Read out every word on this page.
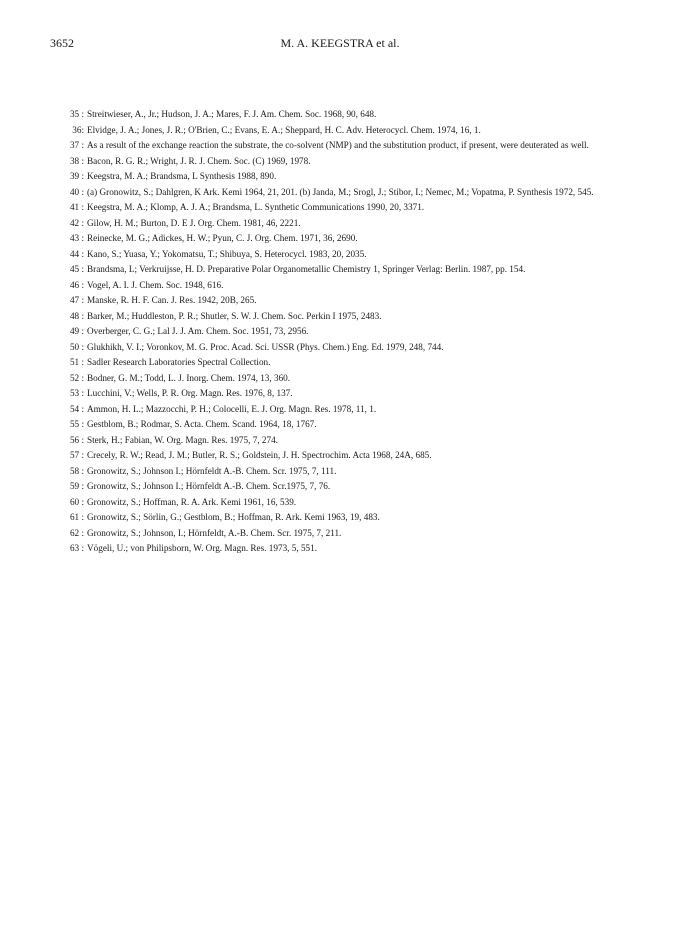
3652	M. A. KEEGSTRA et al.
35 : Streitwieser, A., Jr.; Hudson, J. A.; Mares, F. J. Am. Chem. Soc. 1968, 90, 648.
36: Elvidge, J. A.; Jones, J. R.; O'Brien, C.; Evans, E. A.; Sheppard, H. C. Adv. Heterocycl. Chem. 1974, 16, 1.
37 : As a result of the exchange reaction the substrate, the co-solvent (NMP) and the substitution product, if present, were deuterated as well.
38 : Bacon, R. G. R.; Wright, J. R. J. Chem. Soc. (C) 1969, 1978.
39 : Keegstra, M. A.; Brandsma, L Synthesis 1988, 890.
40 : (a) Gronowitz, S.; Dahlgren, K Ark. Kemi 1964, 21, 201. (b) Janda, M.; Srogl, J.; Stibor, I.; Nemec, M.; Vopatma, P. Synthesis 1972, 545.
41 : Keegstra, M. A.; Klomp, A. J. A.; Brandsma, L. Synthetic Communications 1990, 20, 3371.
42 : Gilow, H. M.; Burton, D. E J. Org. Chem. 1981, 46, 2221.
43 : Reinecke, M. G.; Adickes, H. W.; Pyun, C. J. Org. Chem. 1971, 36, 2690.
44 : Kano, S.; Yuasa, Y.; Yokomatsu, T.; Shibuya, S. Heterocycl. 1983, 20, 2035.
45 : Brandsma, L; Verkruijsse, H. D. Preparative Polar Organometallic Chemistry 1, Springer Verlag: Berlin. 1987, pp. 154.
46 : Vogel, A. I. J. Chem. Soc. 1948, 616.
47 : Manske, R. H. F. Can. J. Res. 1942, 20B, 265.
48 : Barker, M.; Huddleston, P. R.; Shutler, S. W. J. Chem. Soc. Perkin I 1975, 2483.
49 : Overberger, C. G.; Lal J. J. Am. Chem. Soc. 1951, 73, 2956.
50 : Glukhikh, V. I.; Voronkov, M. G. Proc. Acad. Sci. USSR (Phys. Chem.) Eng. Ed. 1979, 248, 744.
51 : Sadler Research Laboratories Spectral Collection.
52 : Bodner, G. M.; Todd, L. J. Inorg. Chem. 1974, 13, 360.
53 : Lucchini, V.; Wells, P. R. Org. Magn. Res. 1976, 8, 137.
54 : Ammon, H. L.; Mazzocchi, P. H.; Colocelli, E. J. Org. Magn. Res. 1978, 11, 1.
55 : Gestblom, B.; Rodmar, S. Acta. Chem. Scand. 1964, 18, 1767.
56 : Sterk, H.; Fabian, W. Org. Magn. Res. 1975, 7, 274.
57 : Crecely, R. W.; Read, J. M.; Butler, R. S.; Goldstein, J. H. Spectrochim. Acta 1968, 24A, 685.
58 : Gronowitz, S.; Johnson I.; Hörnfeldt A.-B. Chem. Scr. 1975, 7, 111.
59 : Gronowitz, S.; Johnson I.; Hörnfeldt A.-B. Chem. Scr.1975, 7, 76.
60 : Gronowitz, S.; Hoffman, R. A. Ark. Kemi 1961, 16, 539.
61 : Gronowitz, S.; Sörlin, G.; Gestblom, B.; Hoffman, R. Ark. Kemi 1963, 19, 483.
62 : Gronowitz, S.; Johnson, I.; Hörnfeldt, A.-B. Chem. Scr. 1975, 7, 211.
63 : Vögeli, U.; von Philipsborn, W. Org. Magn. Res. 1973, 5, 551.
